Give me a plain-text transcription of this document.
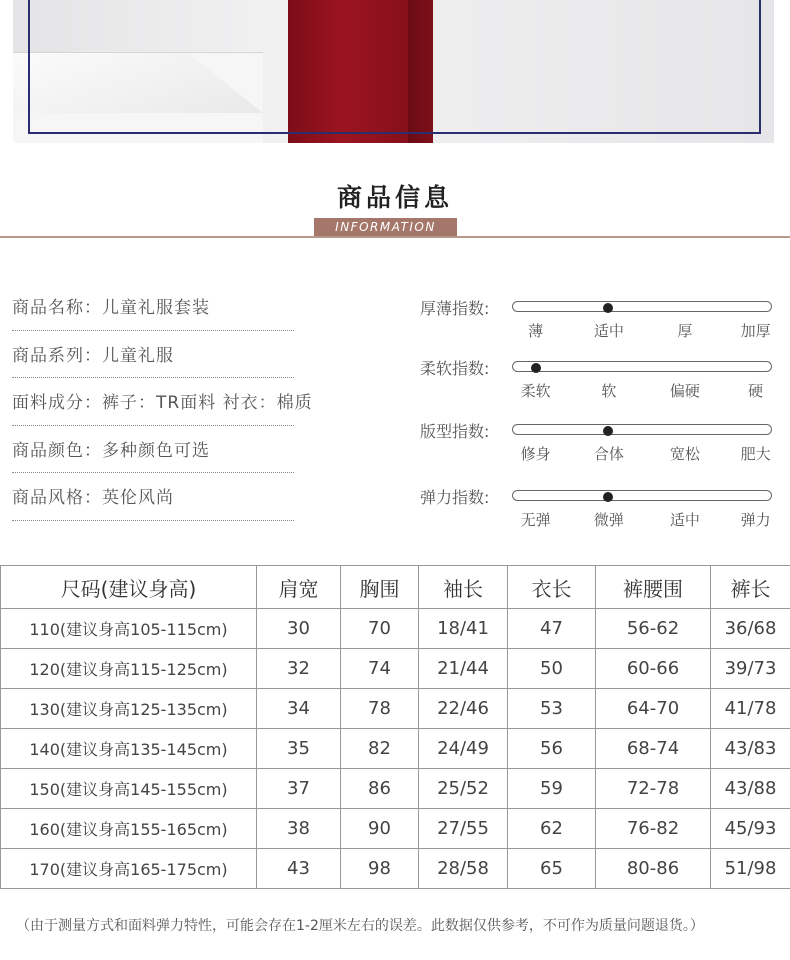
商品信息
INFORMATION
商品名称：儿童礼服套装
商品系列：儿童礼服
面料成分：裤子：TR面料 衬衣：棉质
商品颜色：多种颜色可选
商品风格：英伦风尚
厚薄指数:
薄	适中	厚	加厚
柔软指数:
柔软	软	偏硬	硬
版型指数:
修身	合体	宽松	肥大
弹力指数:
无弹	微弹	适中	弹力
尺码(建议身高)	肩宽	胸围	袖长	衣长	裤腰围	裤长
110(建议身高105-115cm)	30	70	18/41	47	56-62	36/68
120(建议身高115-125cm)	32	74	21/44	50	60-66	39/73
130(建议身高125-135cm)	34	78	22/46	53	64-70	41/78
140(建议身高135-145cm)	35	82	24/49	56	68-74	43/83
150(建议身高145-155cm)	37	86	25/52	59	72-78	43/88
160(建议身高155-165cm)	38	90	27/55	62	76-82	45/93
170(建议身高165-175cm)	43	98	28/58	65	80-86	51/98
（由于测量方式和面料弹力特性，可能会存在1-2厘米左右的误差。此数据仅供参考，不可作为质量问题退货。）
